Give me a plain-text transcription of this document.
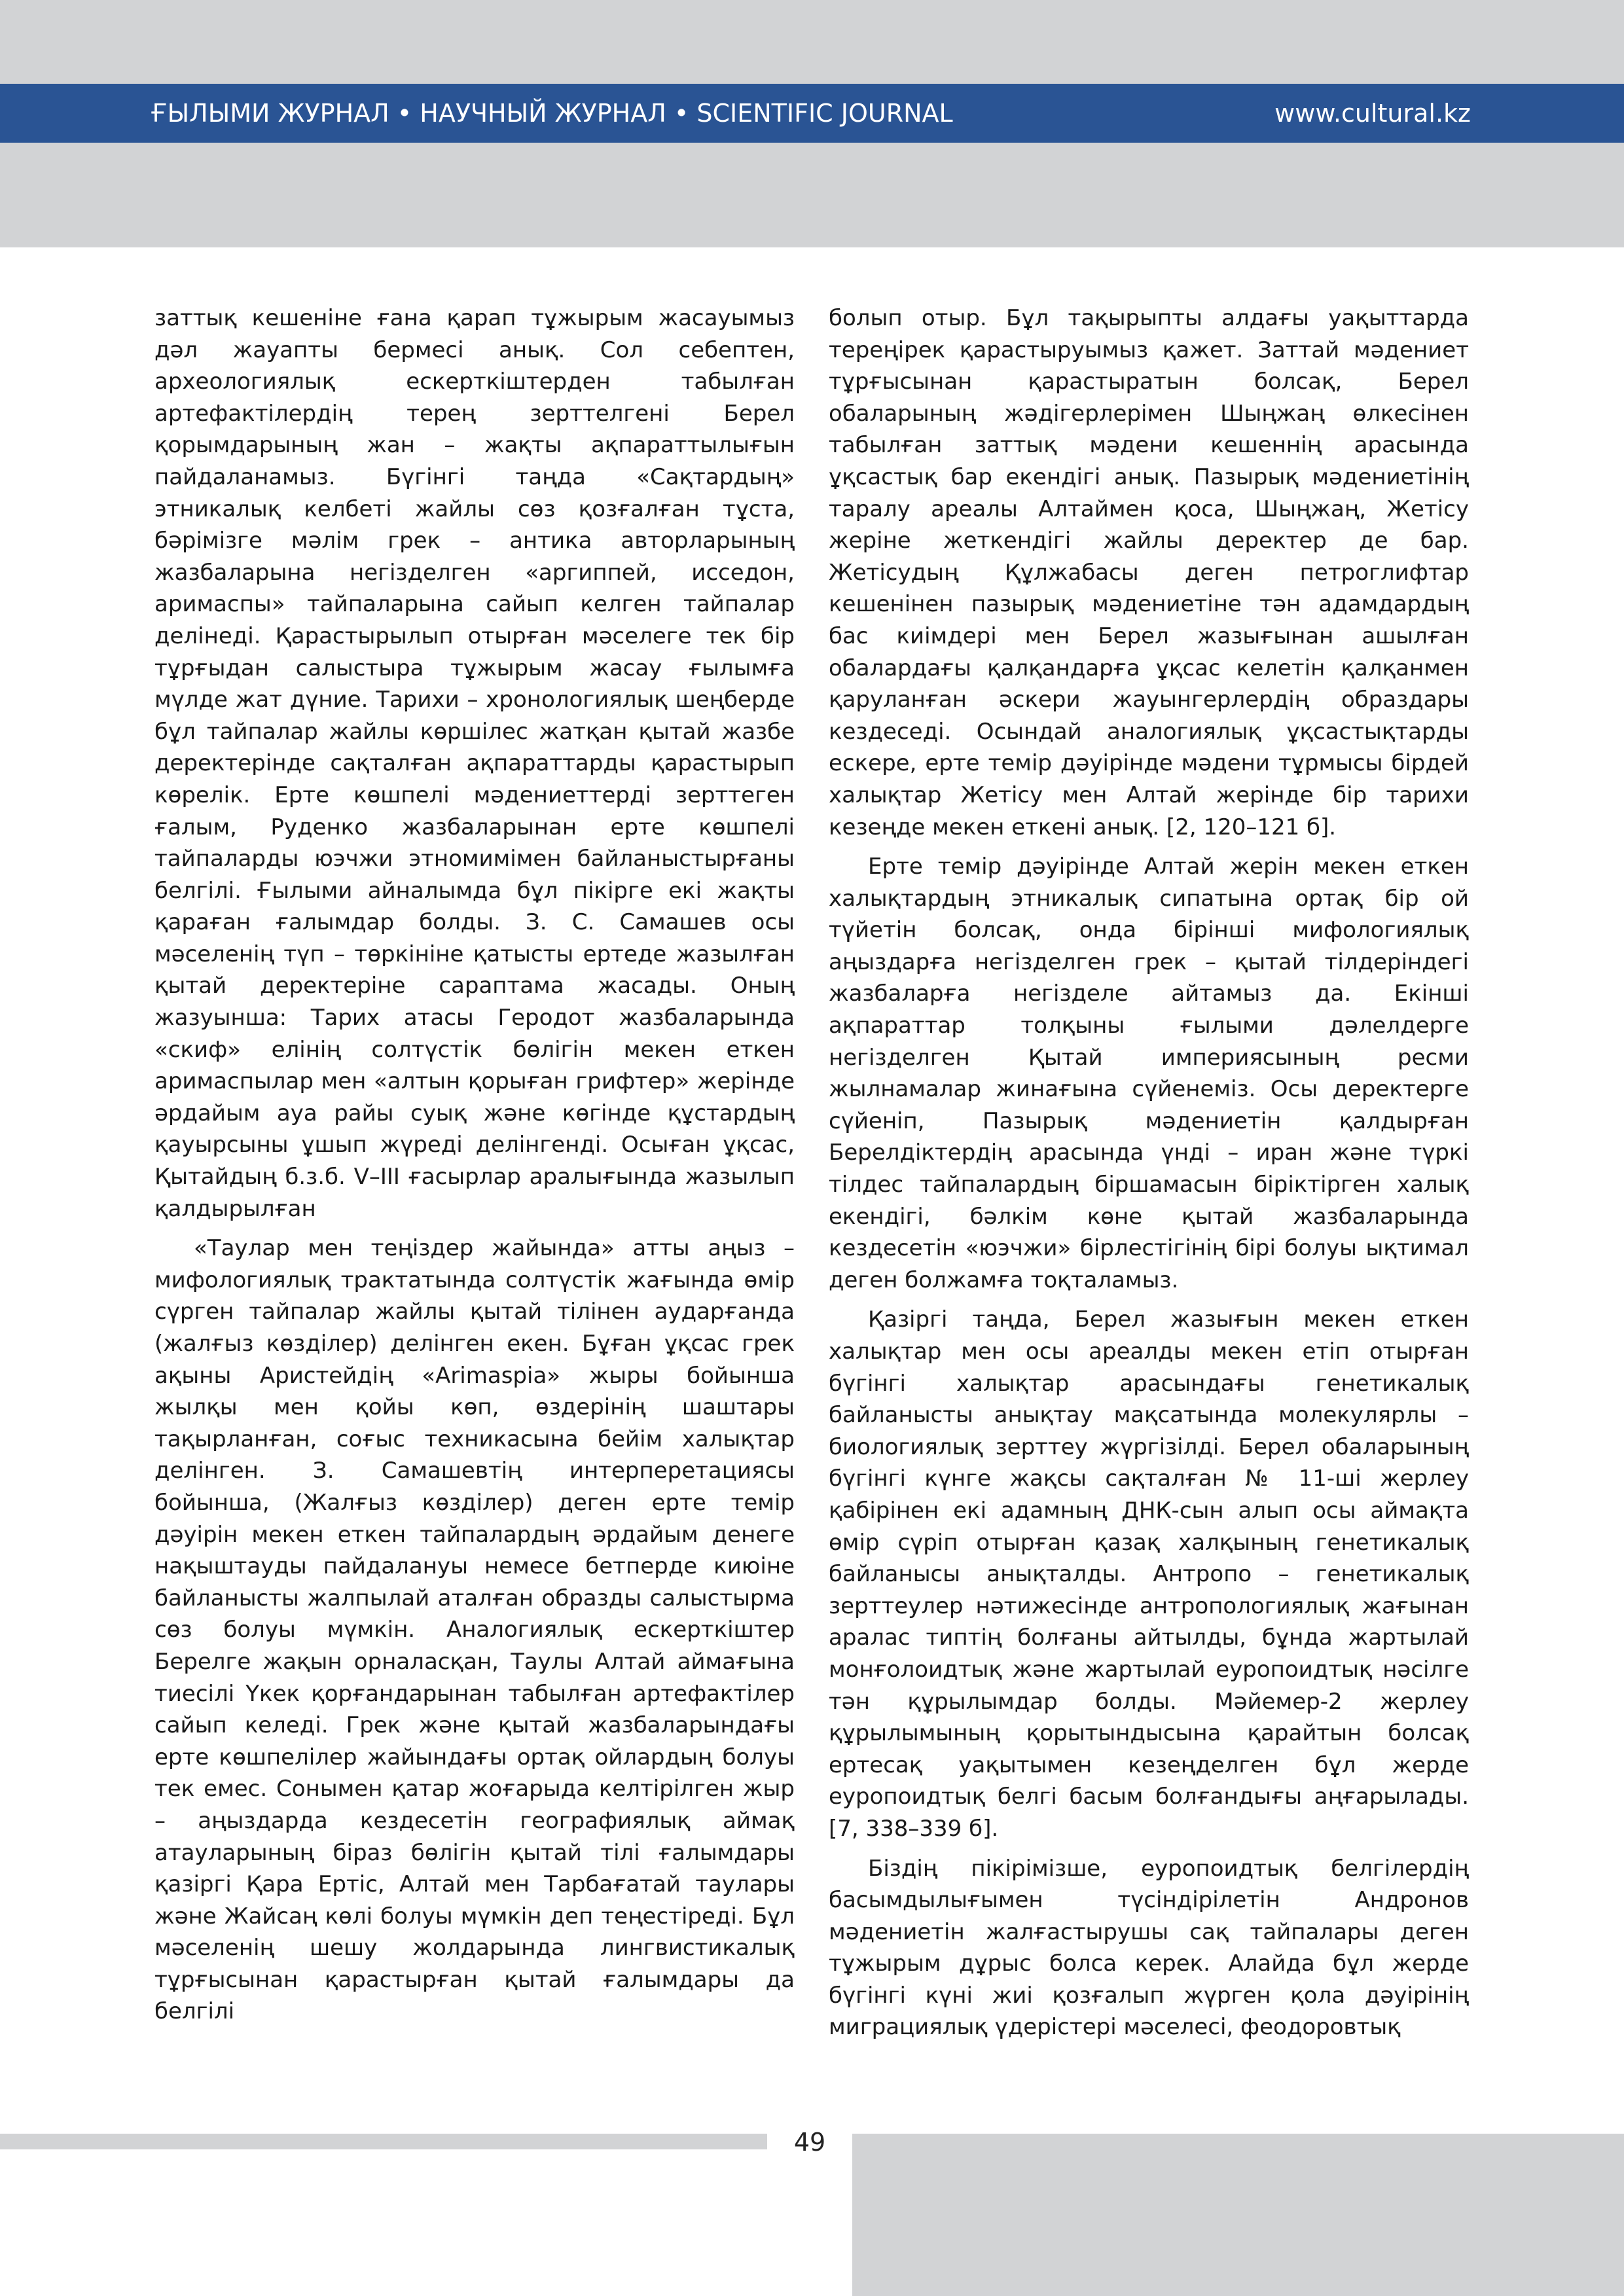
ҒЫЛЫМИ ЖУРНАЛ • НАУЧНЫЙ ЖУРНАЛ • SCIENTIFIC JOURNAL	www.cultural.kz

заттық кешеніне ғана қарап тұжырым жасауымыз дәл жауапты бермесі анық. Сол себептен, археологиялық ескерткіштерден табылған артефактілердің терең зерттелгені Берел қорымдарының жан – жақты ақпараттылығын пайдаланамыз. Бүгінгі таңда «Сақтардың» этникалық келбеті жайлы сөз қозғалған тұста, бәрімізге мәлім грек – антика авторларының жазбаларына негізделген «аргиппей, исседон, аримаспы» тайпаларына сайып келген тайпалар делінеді. Қарастырылып отырған мәселеге тек бір тұрғыдан салыстыра тұжырым жасау ғылымға мүлде жат дүние. Тарихи – хронологиялық шеңберде бұл тайпалар жайлы көршілес жатқан қытай жазбе деректерінде сақталған ақпараттарды қарастырып көрелік. Ерте көшпелі мәдениеттерді зерттеген ғалым, Руденко жазбаларынан ерте көшпелі тайпаларды юэчжи этномимімен байланыстырғаны белгілі. Ғылыми айналымда бұл пікірге екі жақты қараған ғалымдар болды. З. С. Самашев осы мәселенің түп – төркініне қатысты ертеде жазылған қытай деректеріне сараптама жасады. Оның жазуынша: Тарих атасы Геродот жазбаларында «скиф» елінің солтүстік бөлігін мекен еткен аримаспылар мен «алтын қорыған грифтер» жерінде әрдайым ауа райы суық және көгінде құстардың қауырсыны ұшып жүреді делінгенді. Осыған ұқсас, Қытайдың б.з.б. V–III ғасырлар аралығында жазылып қалдырылған

«Таулар мен теңіздер жайында» атты аңыз – мифологиялық трактатында солтүстік жағында өмір сүрген тайпалар жайлы қытай тілінен аударғанда (жалғыз көзділер) делінген екен. Бұған ұқсас грек ақыны Аристейдің «Arimaspia» жыры бойынша жылқы мен қойы көп, өздерінің шаштары тақырланған, соғыс техникасына бейім халықтар делінген. З. Самашевтің интерперетациясы бойынша, (Жалғыз көзділер) деген ерте темір дәуірін мекен еткен тайпалардың әрдайым денеге нақыштауды пайдалануы немесе бетперде киюіне байланысты жалпылай аталған образды салыстырма сөз болуы мүмкін. Аналогиялық ескерткіштер Берелге жақын орналасқан, Таулы Алтай аймағына тиесілі Үкек қорғандарынан табылған артефактілер сайып келеді. Грек және қытай жазбаларындағы ерте көшпелілер жайындағы ортақ ойлардың болуы тек емес. Сонымен қатар жоғарыда келтірілген жыр – аңыздарда кездесетін географиялық аймақ атауларының біраз бөлігін қытай тілі ғалымдары қазіргі Қара Ертіс, Алтай мен Тарбағатай таулары және Жайсаң көлі болуы мүмкін деп теңестіреді. Бұл мәселенің шешу жолдарында лингвистикалық тұрғысынан қарастырған қытай ғалымдары да белгілі

болып отыр. Бұл тақырыпты алдағы уақыттарда тереңірек қарастыруымыз қажет. Заттай мәдениет тұрғысынан қарастыратын болсақ, Берел обаларының жәдігерлерімен Шыңжаң өлкесінен табылған заттық мәдени кешеннің арасында ұқсастық бар екендігі анық. Пазырық мәдениетінің таралу ареалы Алтаймен қоса, Шыңжаң, Жетісу жеріне жеткендігі жайлы деректер де бар. Жетісудың Құлжабасы деген петроглифтар кешенінен пазырық мәдениетіне тән адамдардың бас киімдері мен Берел жазығынан ашылған обалардағы қалқандарға ұқсас келетін қалқанмен қаруланған әскери жауынгерлердің образдары кездеседі. Осындай аналогиялық ұқсастықтарды ескере, ерте темір дәуірінде мәдени тұрмысы бірдей халықтар Жетісу мен Алтай жерінде бір тарихи кезеңде мекен еткені анық. [2, 120–121 б].

Ерте темір дәуірінде Алтай жерін мекен еткен халықтардың этникалық сипатына ортақ бір ой түйетін болсақ, онда бірінші мифологиялық аңыздарға негізделген грек – қытай тілдеріндегі жазбаларға негізделе айтамыз да. Екінші ақпараттар толқыны ғылыми дәлелдерге негізделген Қытай империясының ресми жылнамалар жинағына сүйенеміз. Осы деректерге сүйеніп, Пазырық мәдениетін қалдырған Берелдіктердің арасында үнді – иран және түркі тілдес тайпалардың біршамасын біріктірген халық екендігі, бәлкім көне қытай жазбаларында кездесетін «юэчжи» бірлестігінің бірі болуы ықтимал деген болжамға тоқталамыз.

Қазіргі таңда, Берел жазығын мекен еткен халықтар мен осы ареалды мекен етіп отырған бүгінгі халықтар арасындағы генетикалық байланысты анықтау мақсатында молекулярлы – биологиялық зерттеу жүргізілді. Берел обаларының бүгінгі күнге жақсы сақталған № 11-ші жерлеу қабірінен екі адамның ДНК-сын алып осы аймақта өмір сүріп отырған қазақ халқының генетикалық байланысы анықталды. Антропо – генетикалық зерттеулер нәтижесінде антропологиялық жағынан аралас типтің болғаны айтылды, бұнда жартылай монғолоидтық және жартылай еуропоидтық нәсілге тән құрылымдар болды. Мәйемер-2 жерлеу құрылымының қорытындысына қарайтын болсақ ертесақ уақытымен кезеңделген бұл жерде еуропоидтық белгі басым болғандығы аңғарылады. [7, 338–339 б].

Біздің пікірімізше, еуропоидтық белгілердің басымдылығымен түсіндірілетін Андронов мәдениетін жалғастырушы сақ тайпалары деген тұжырым дұрыс болса керек. Алайда бұл жерде бүгінгі күні жиі қозғалып жүрген қола дәуірінің миграциялық үдерістері мәселесі, феодоровтық

49
